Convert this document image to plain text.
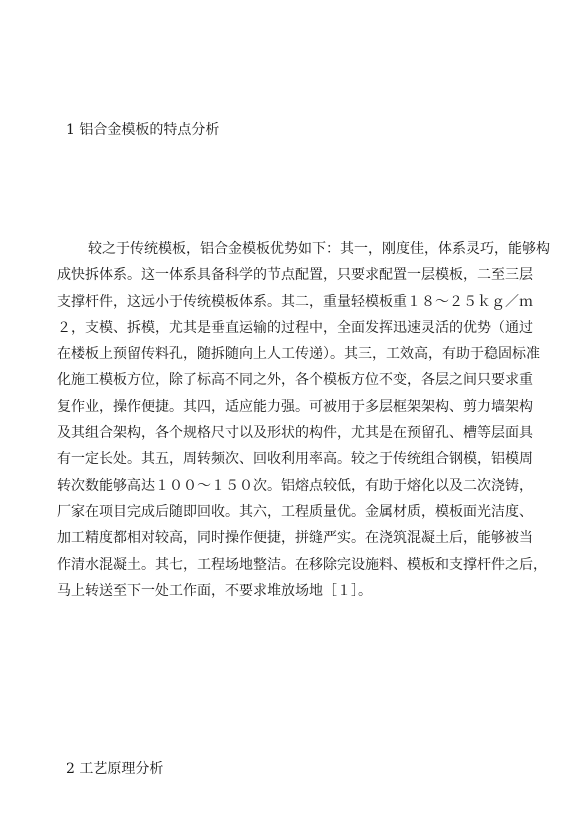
1 铝合金模板的特点分析
较之于传统模板，铝合金模板优势如下：其一，刚度佳，体系灵巧，能够构
成快拆体系。这一体系具备科学的节点配置，只要求配置一层模板，二至三层
支撑杆件，这远小于传统模板体系。其二，重量轻模板重１８～２５ｋｇ／ｍ
２，支模、拆模，尤其是垂直运输的过程中，全面发挥迅速灵活的优势（通过
在楼板上预留传料孔，随拆随向上人工传递）。其三，工效高，有助于稳固标准
化施工模板方位，除了标高不同之外，各个模板方位不变，各层之间只要求重
复作业，操作便捷。其四，适应能力强。可被用于多层框架架构、剪力墙架构
及其组合架构，各个规格尺寸以及形状的构件，尤其是在预留孔、槽等层面具
有一定长处。其五，周转频次、回收利用率高。较之于传统组合钢模，铝模周
转次数能够高达１００～１５０次。铝熔点较低，有助于熔化以及二次浇铸，
厂家在项目完成后随即回收。其六，工程质量优。金属材质，模板面光洁度、
加工精度都相对较高，同时操作便捷，拼缝严实。在浇筑混凝土后，能够被当
作清水混凝土。其七，工程场地整洁。在移除完设施料、模板和支撑杆件之后，
马上转送至下一处工作面，不要求堆放场地［１］。
2 工艺原理分析
